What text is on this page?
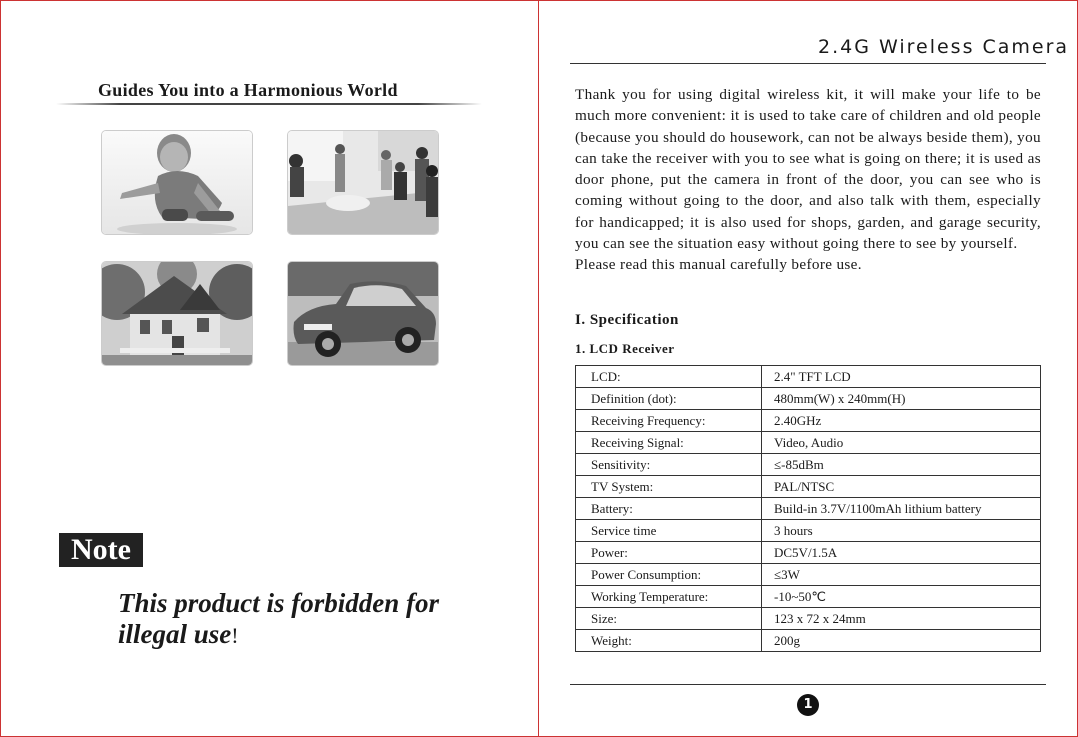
Guides You into a Harmonious World
Note
This product is forbidden for
illegal use!
2.4G Wireless Camera

Thank you for using digital wireless kit, it will make your life to be much more convenient: it is used to take care of children and old people (because you should do housework, can not be always beside them), you can take the receiver with you to see what is going on there; it is used as door phone, put the camera in front of the door, you can see who is coming without going to the door, and also talk with them, especially for handicapped; it is also used for shops, garden, and garage security, you can see the situation easy without going there to see by yourself.

Please read this manual carefully before use.

I. Specification
1. LCD Receiver
LCD:	2.4" TFT LCD
Definition (dot):	480mm(W) x 240mm(H)
Receiving Frequency:	2.40GHz
Receiving Signal:	Video, Audio
Sensitivity:	≤-85dBm
TV System:	PAL/NTSC
Battery:	Build-in 3.7V/1100mAh lithium battery
Service time	3 hours
Power:	DC5V/1.5A
Power Consumption:	≤3W
Working Temperature:	-10~50℃
Size:	123 x 72 x 24mm
Weight:	200g
1
